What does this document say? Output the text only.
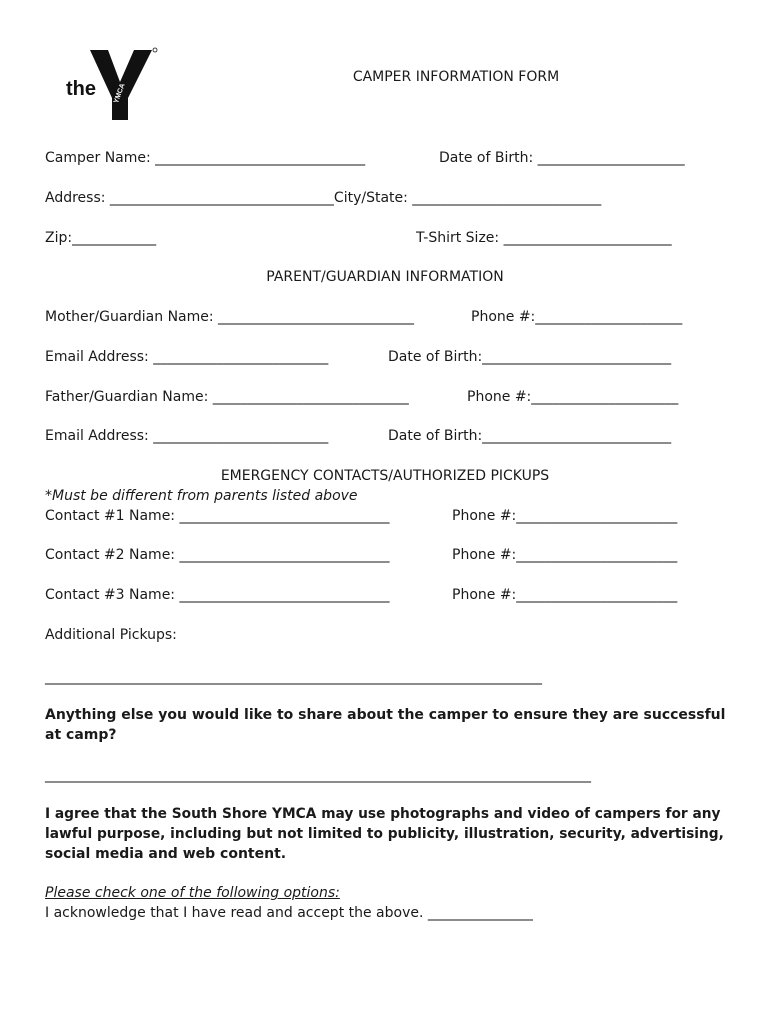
the YMCA
CAMPER INFORMATION FORM
Camper Name: ______________________________	Date of Birth: _____________________
Address: ________________________________City/State: ___________________________
Zip:____________	T-Shirt Size: ________________________
PARENT/GUARDIAN INFORMATION
Mother/Guardian Name: ____________________________	Phone #:_____________________
Email Address: _________________________	Date of Birth:___________________________
Father/Guardian Name: ____________________________	Phone #:_____________________
Email Address: _________________________	Date of Birth:___________________________
EMERGENCY CONTACTS/AUTHORIZED PICKUPS
*Must be different from parents listed above
Contact #1 Name: ______________________________	Phone #:_______________________
Contact #2 Name: ______________________________	Phone #:_______________________
Contact #3 Name: ______________________________	Phone #:_______________________
Additional Pickups:
_______________________________________________________________________
Anything else you would like to share about the camper to ensure they are successful
at camp?
______________________________________________________________________________
I agree that the South Shore YMCA may use photographs and video of campers for any
lawful purpose, including but not limited to publicity, illustration, security, advertising,
social media and web content.
Please check one of the following options:
I acknowledge that I have read and accept the above. _______________
